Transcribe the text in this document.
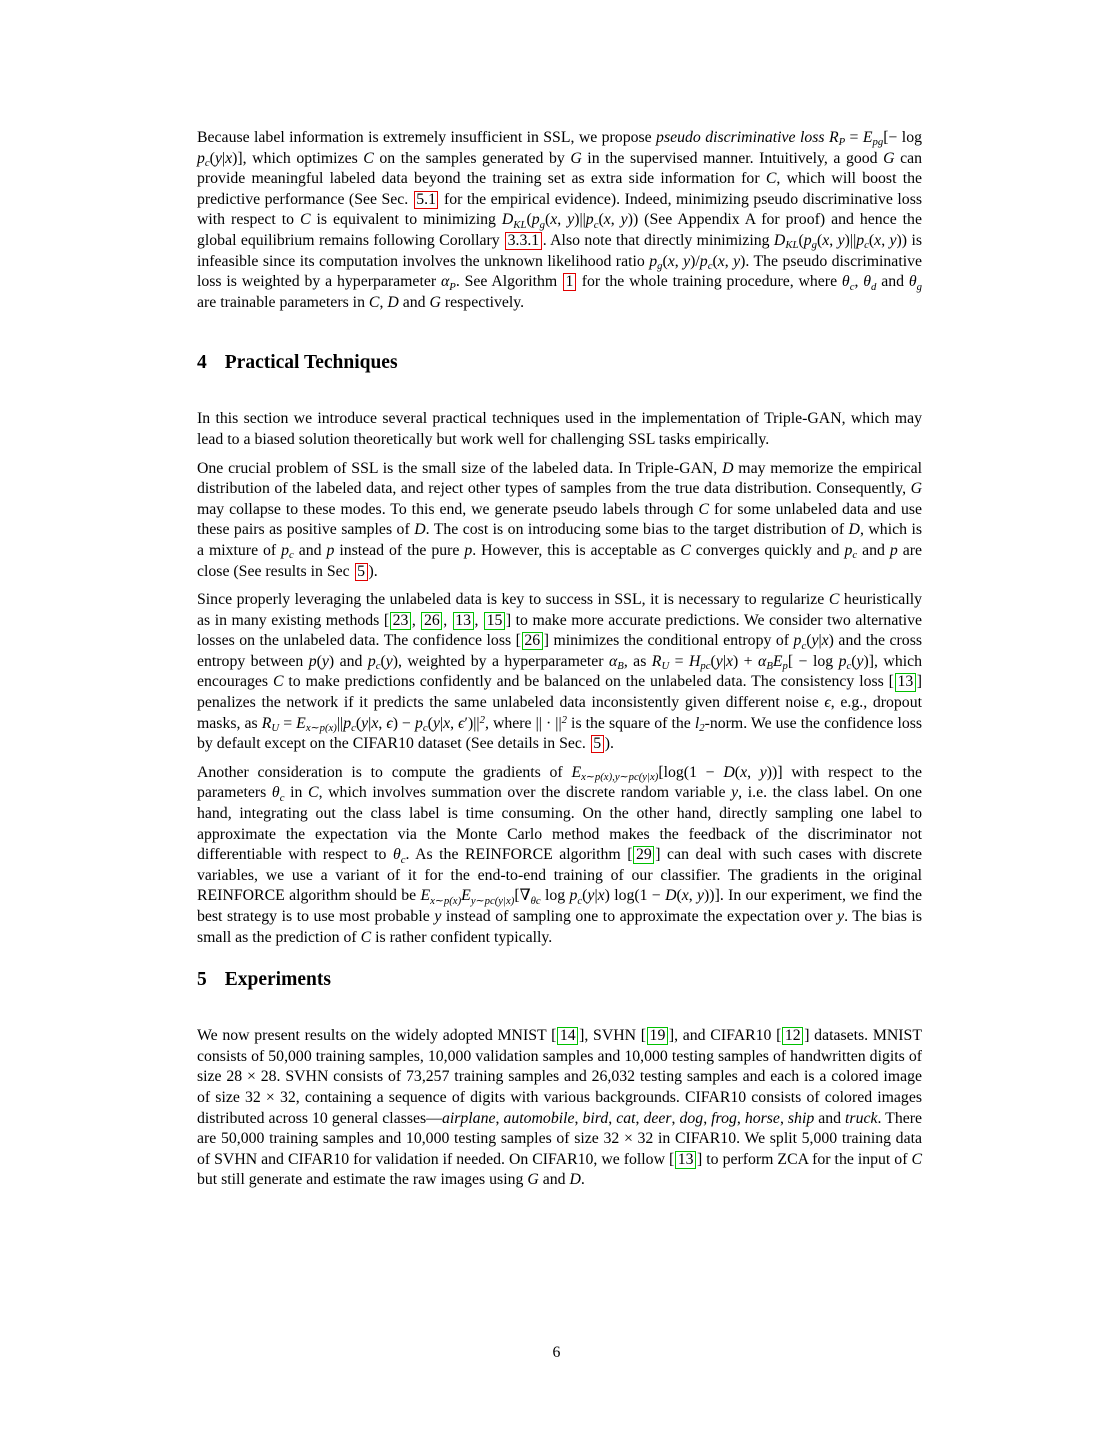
Because label information is extremely insufficient in SSL, we propose pseudo discriminative loss $R_P = E_{pg}[- \log p_c(y|x)]$, which optimizes C on the samples generated by G in the supervised manner. Intuitively, a good G can provide meaningful labeled data beyond the training set as extra side information for C, which will boost the predictive performance (See Sec. 5.1 for the empirical evidence). Indeed, minimizing pseudo discriminative loss with respect to C is equivalent to minimizing $D_{KL}(p_g(x$, $y)||p_c(x$, y)) (See Appendix A for proof) and hence the global equilibrium remains following Corollary 3.3.1 . Also note that directly minimizing $D_{KL}(p_g(x$, $y)||p_c(x$, y)) is infeasible since its computation involves the unknown likelihood ratio $p_g(x$, $y)/p_c(x$, y). The pseudo discriminative loss is weighted by a hyperparameter $\alpha_P$. See Algorithm 1 for the whole training procedure, where $\theta_c$, $\theta_d$ and $\theta_g$ are trainable parameters in C, D and G respectively.

4 Practical Techniques

In this section we introduce several practical techniques used in the implementation of Triple-GAN, which may lead to a biased solution theoretically but work well for challenging SSL tasks empirically.

One crucial problem of SSL is the small size of the labeled data. In Triple-GAN, D may memorize the empirical distribution of the labeled data, and reject other types of samples from the true data distribution. Consequently, G may collapse to these modes. To this end, we generate pseudo labels through C for some unlabeled data and use these pairs as positive samples of D. The cost is on introducing some bias to the target distribution of D, which is a mixture of $p_c$ and p instead of the pure p. However, this is acceptable as C converges quickly and $p_c$ and p are close (See results in Sec 5 ).

Since properly leveraging the unlabeled data is key to success in SSL, it is necessary to regularize C heuristically as in many existing methods [ 23 , 26 , 13 , 15 ] to make more accurate predictions. We consider two alternative losses on the unlabeled data. The confidence loss [ 26 ] minimizes the conditional entropy of $p_c(y|x)$ and the cross entropy between p(y) and $p_c(y)$, weighted by a hyperparameter $\alpha_B$, as $R_U = H_{pc}(y|x) + \alpha_BE_p[ - \log p_c(y)]$, which encourages C to make predictions confidently and be balanced on the unlabeled data. The consistency loss [ 13 ] penalizes the network if it predicts the same unlabeled data inconsistently given different noise ϵ, e.g., dropout masks, as $R_U = E_{x\sim p(x)}||p_c(y|x$, $\epsilon) - p_c(y|x$, $\epsilon')||^2$, where || · $||^2$ is the square of the $l_2$-norm. We use the confidence loss by default except on the CIFAR10 dataset (See details in Sec. 5 ).

Another consideration is to compute the gradients of $E_{x\sim p(x),y\sim pc(y|x)}[\log(1 - D(x$, y))] with respect to the parameters $\theta_c$ in C, which involves summation over the discrete random variable y, i.e. the class label. On one hand, integrating out the class label is time consuming. On the other hand, directly sampling one label to approximate the expectation via the Monte Carlo method makes the feedback of the discriminator not differentiable with respect to $\theta_c$. As the REINFORCE algorithm [ 29 ] can deal with such cases with discrete variables, we use a variant of it for the end-to-end training of our classifier. The gradients in the original REINFORCE algorithm should be $E_{x\sim p(x)}E_{y\sim pc(y|x)}[\nabla_{\theta c}$ $\log p_c(y|x) \log(1 - D(x$, y))]. In our experiment, we find the best strategy is to use most probable y instead of sampling one to approximate the expectation over y. The bias is small as the prediction of C is rather confident typically.

5 Experiments

We now present results on the widely adopted MNIST [ 14 ], SVHN [ 19 ], and CIFAR10 [ 12 ] datasets. MNIST consists of 50,000 training samples, 10,000 validation samples and 10,000 testing samples of handwritten digits of size 28 × 28. SVHN consists of 73,257 training samples and 26,032 testing samples and each is a colored image of size 32 × 32, containing a sequence of digits with various backgrounds. CIFAR10 consists of colored images distributed across 10 general classes—airplane, automobile, bird, cat, deer, dog, frog, horse, ship and truck. There are 50,000 training samples and 10,000 testing samples of size 32 × 32 in CIFAR10. We split 5,000 training data of SVHN and CIFAR10 for validation if needed. On CIFAR10, we follow [ 13 ] to perform ZCA for the input of C but still generate and estimate the raw images using G and D.

6
